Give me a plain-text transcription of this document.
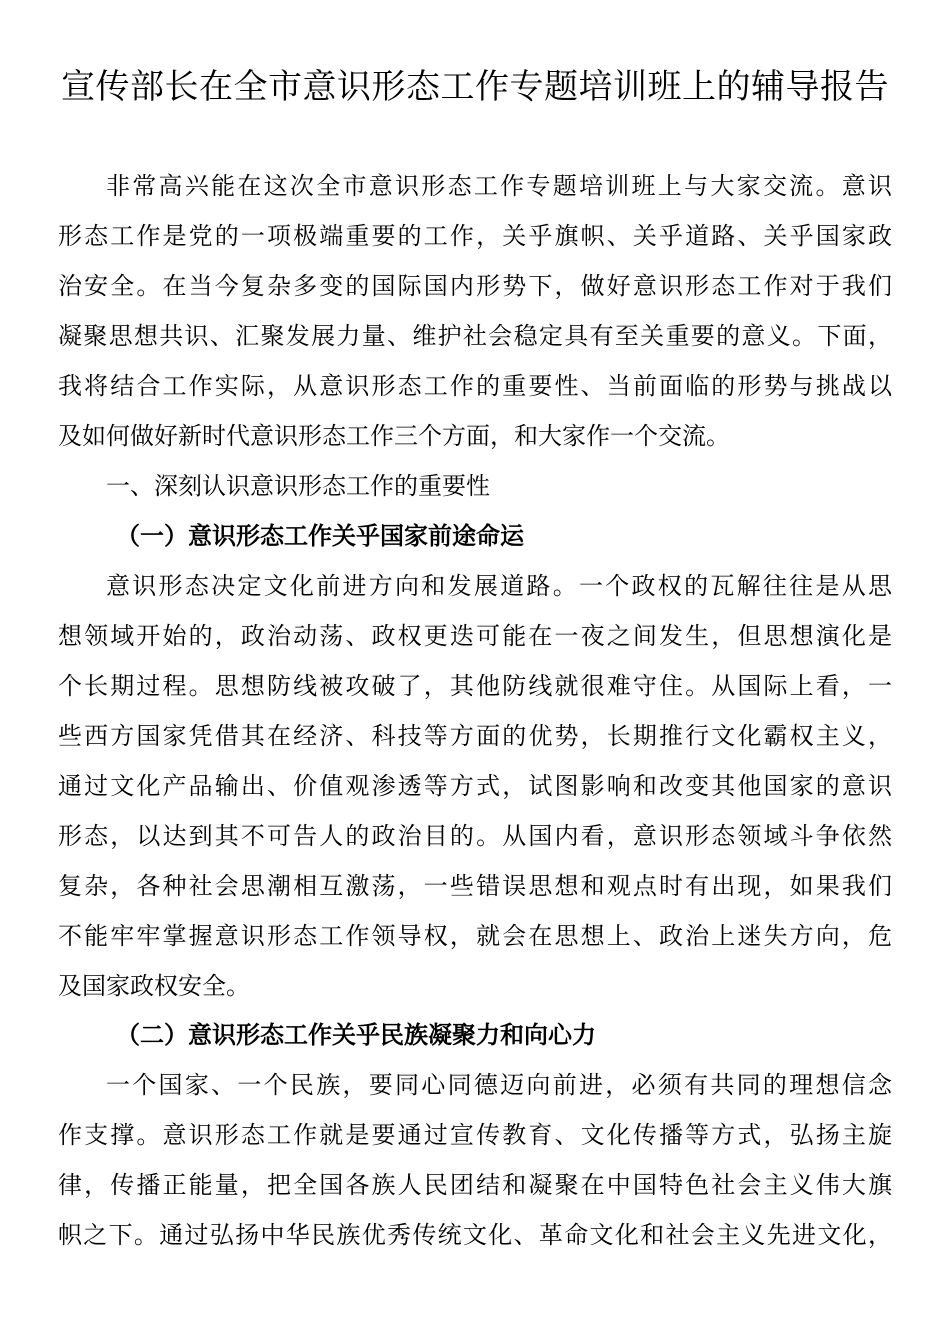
宣传部长在全市意识形态工作专题培训班上的辅导报告
非常高兴能在这次全市意识形态工作专题培训班上与大家交流。意识
形态工作是党的一项极端重要的工作，关乎旗帜、关乎道路、关乎国家政
治安全。在当今复杂多变的国际国内形势下，做好意识形态工作对于我们
凝聚思想共识、汇聚发展力量、维护社会稳定具有至关重要的意义。下面，
我将结合工作实际，从意识形态工作的重要性、当前面临的形势与挑战以
及如何做好新时代意识形态工作三个方面，和大家作一个交流。
一、深刻认识意识形态工作的重要性
（一）意识形态工作关乎国家前途命运
意识形态决定文化前进方向和发展道路。一个政权的瓦解往往是从思
想领域开始的，政治动荡、政权更迭可能在一夜之间发生，但思想演化是
个长期过程。思想防线被攻破了，其他防线就很难守住。从国际上看，一
些西方国家凭借其在经济、科技等方面的优势，长期推行文化霸权主义，
通过文化产品输出、价值观渗透等方式，试图影响和改变其他国家的意识
形态，以达到其不可告人的政治目的。从国内看，意识形态领域斗争依然
复杂，各种社会思潮相互激荡，一些错误思想和观点时有出现，如果我们
不能牢牢掌握意识形态工作领导权，就会在思想上、政治上迷失方向，危
及国家政权安全。
（二）意识形态工作关乎民族凝聚力和向心力
一个国家、一个民族，要同心同德迈向前进，必须有共同的理想信念
作支撑。意识形态工作就是要通过宣传教育、文化传播等方式，弘扬主旋
律，传播正能量，把全国各族人民团结和凝聚在中国特色社会主义伟大旗
帜之下。通过弘扬中华民族优秀传统文化、革命文化和社会主义先进文化，
